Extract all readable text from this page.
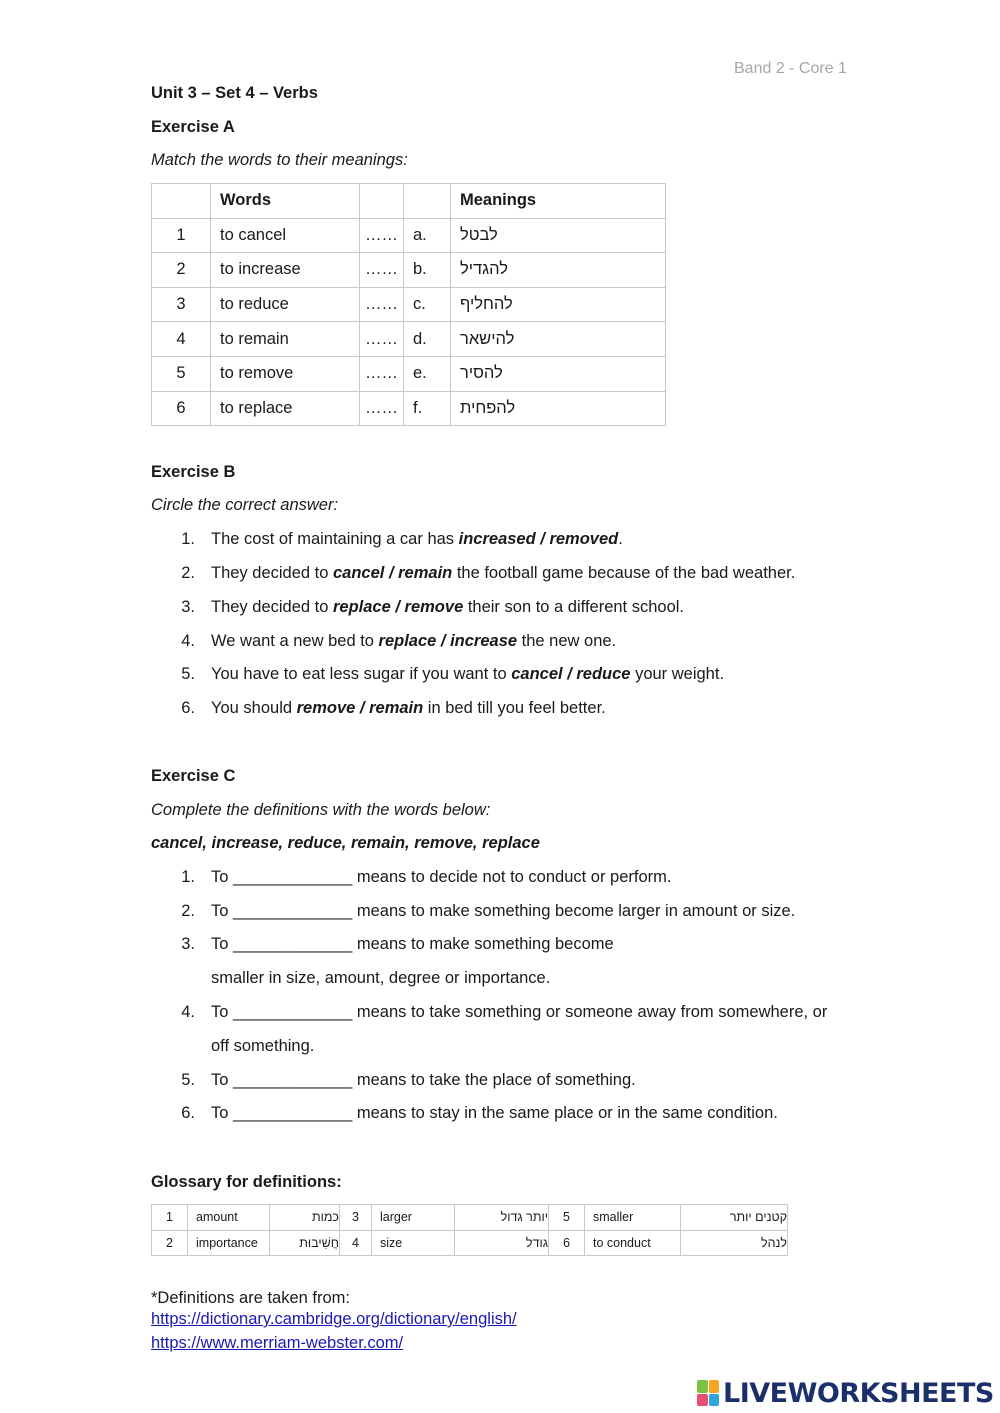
Band 2 - Core 1
Unit 3 – Set 4 – Verbs
Exercise A
Match the words to their meanings:
	Words			Meanings
1	to cancel	……	a.	לבטל
2	to increase	……	b.	להגדיל
3	to reduce	……	c.	להחליף
4	to remain	……	d.	להישאר
5	to remove	……	e.	להסיר
6	to replace	……	f.	להפחית
Exercise B
Circle the correct answer:
1. The cost of maintaining a car has increased / removed.
2. They decided to cancel / remain the football game because of the bad weather.
3. They decided to replace / remove their son to a different school.
4. We want a new bed to replace / increase the new one.
5. You have to eat less sugar if you want to cancel / reduce your weight.
6. You should remove / remain in bed till you feel better.
Exercise C
Complete the definitions with the words below:
cancel, increase, reduce, remain, remove, replace
1. To _____________ means to decide not to conduct or perform.
2. To _____________ means to make something become larger in amount or size.
3. To _____________ means to make something become
smaller in size, amount, degree or importance.
4. To _____________ means to take something or someone away from somewhere, or
off something.
5. To _____________ means to take the place of something.
6. To _____________ means to stay in the same place or in the same condition.
Glossary for definitions:
1	amount	כמות	3	larger	יותר גדול	5	smaller	קטנים יותר
2	importance	חֲשִׁיבוּת	4	size	גודל	6	to conduct	לנהל
*Definitions are taken from:
https://dictionary.cambridge.org/dictionary/english/
https://www.merriam-webster.com/
LIVEWORKSHEETS
